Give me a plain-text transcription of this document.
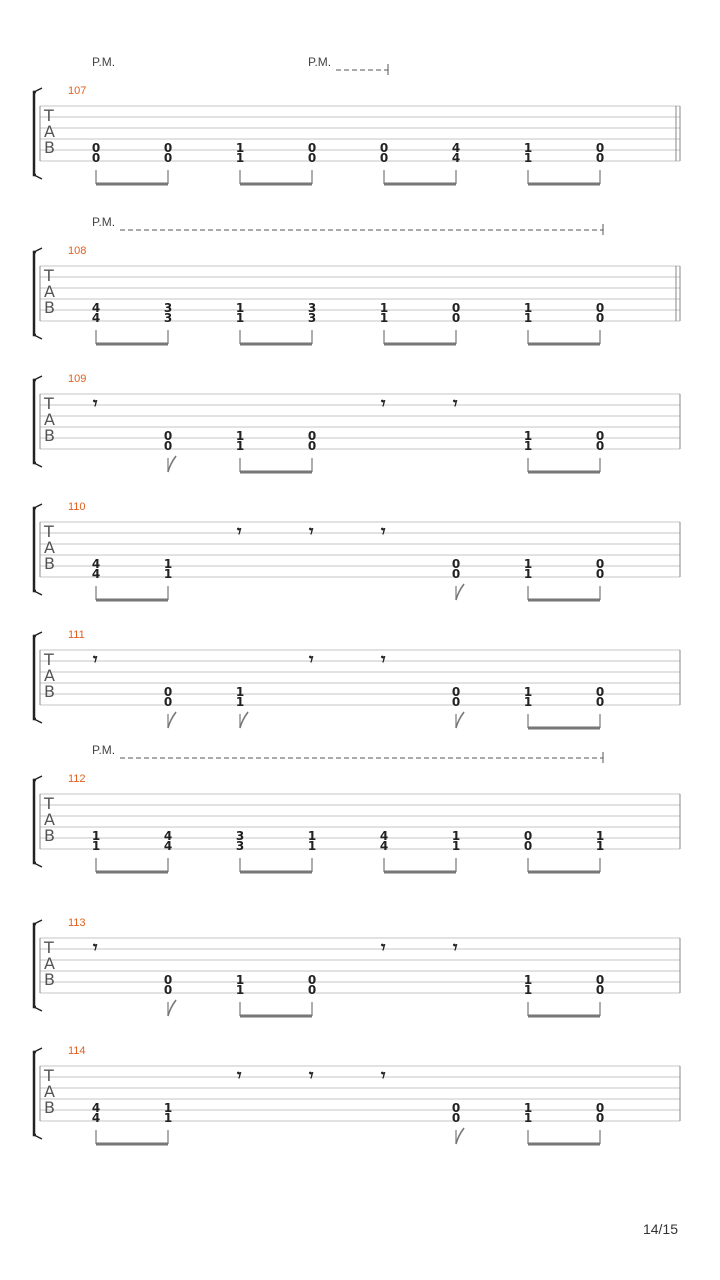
T
A
B
107
P.M.	P.M.
0
0
0
0
1
1
0
0
0
0
4
4
1
1
0
0
T
A
B
108
P.M.
4
4
3
3
1
1
3
3
1
1
0
0
1
1
0
0
T
A
B
109
𝄾
0
0
1
1
0
0
𝄾	𝄾
1
1
0
0
T
A
B
110
4
4
1
1
𝄾	𝄾	𝄾
0
0
1
1
0
0
T
A
B
111
𝄾
0
0
1
1
𝄾	𝄾
0
0
1
1
0
0
T
A
B
112
P.M.
1
1
4
4
3
3
1
1
4
4
1
1
0
0
1
1
T
A
B
113
𝄾
0
0
1
1
0
0
𝄾	𝄾
1
1
0
0
T
A
B
114
4
4
1
1
𝄾	𝄾	𝄾
0
0
1
1
0
0
14/15
